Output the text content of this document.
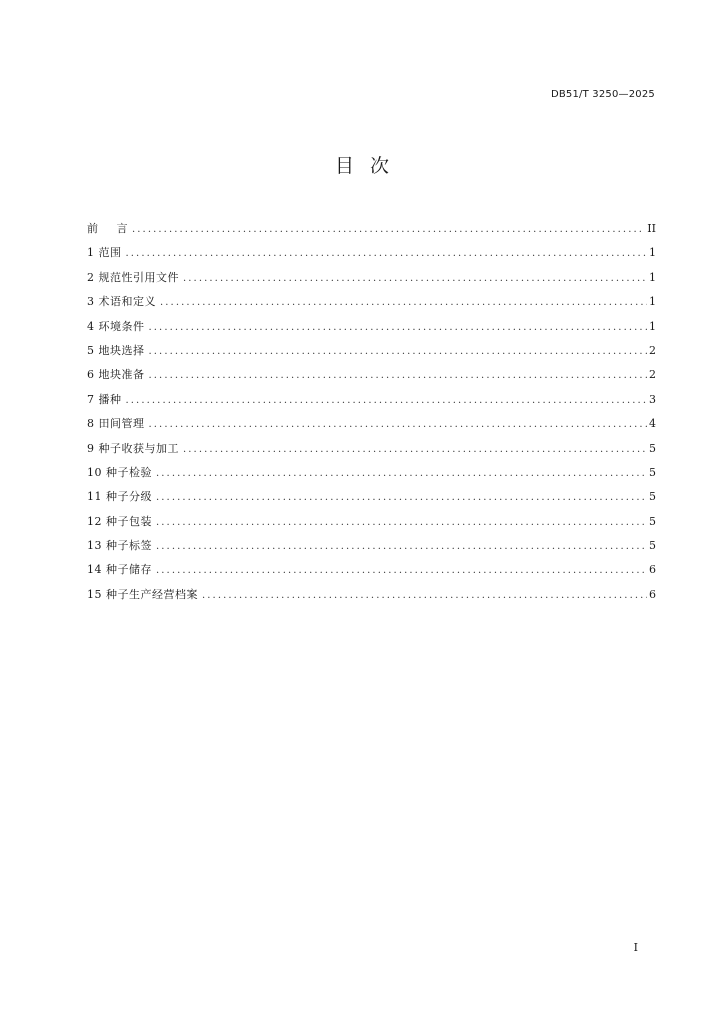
DB51/T 3250—2025
目 次
前 言 .....	II
1 范围 .....	1
2 规范性引用文件 .....	1
3 术语和定义 .....	1
4 环境条件 .....	1
5 地块选择 .....	2
6 地块准备 .....	2
7 播种 .....	3
8 田间管理 .....	4
9 种子收获与加工 .....	5
10 种子检验 .....	5
11 种子分级 .....	5
12 种子包装 .....	5
13 种子标签 .....	5
14 种子储存 .....	6
15 种子生产经营档案 .....	6
I
